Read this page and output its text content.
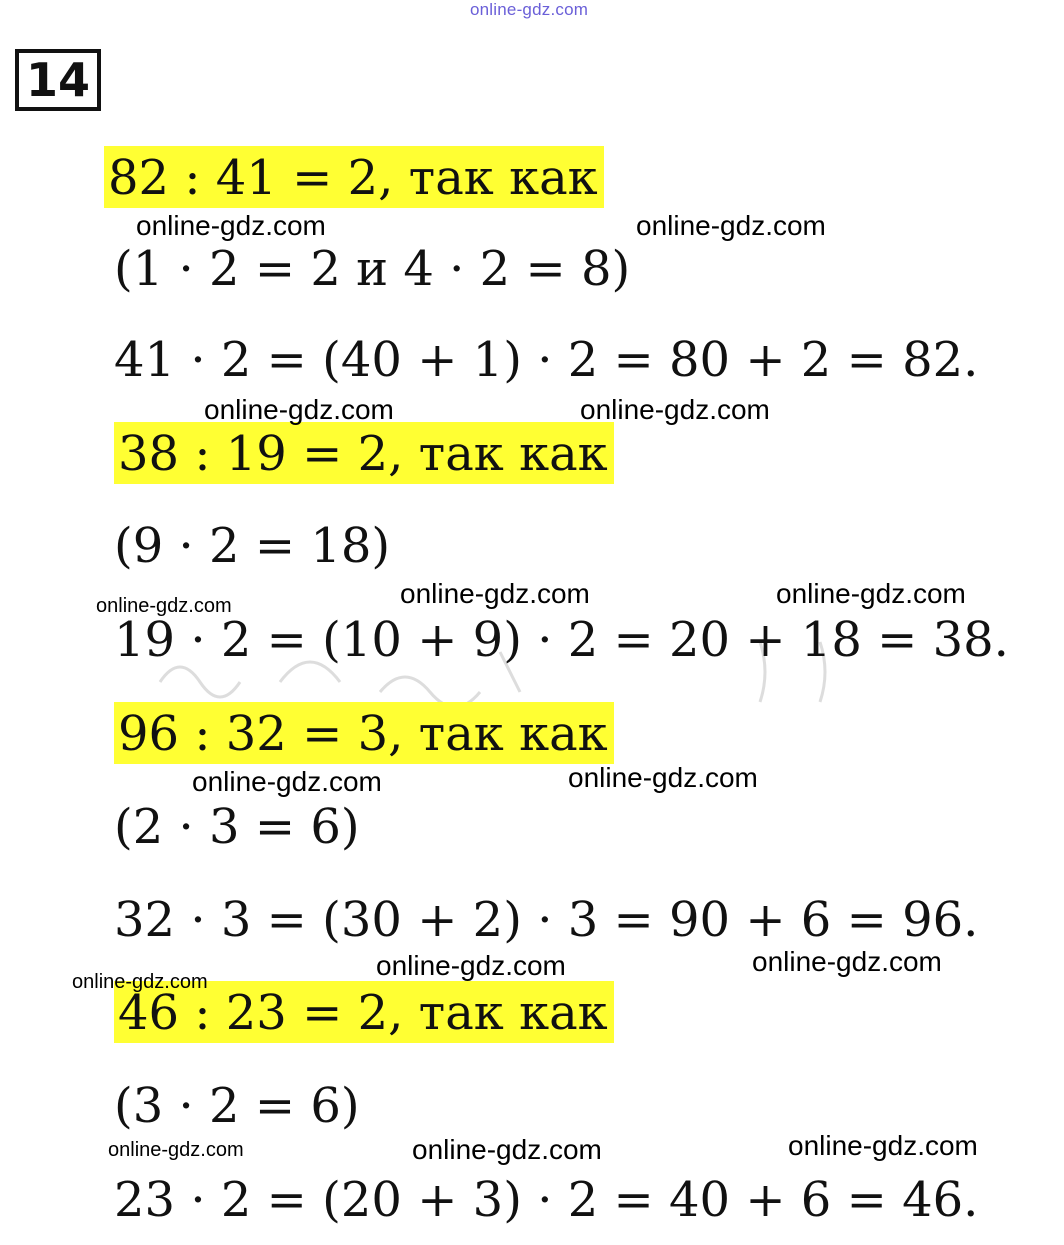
online-gdz.com
14
82 : 41 = 2, так как
(1 · 2 = 2 и 4 · 2 = 8)
41 · 2 = (40 + 1) · 2 = 80 + 2 = 82.
38 : 19 = 2, так как
(9 · 2 = 18)
19 · 2 = (10 + 9) · 2 = 20 + 18 = 38.
96 : 32 = 3, так как
(2 · 3 = 6)
32 · 3 = (30 + 2) · 3 = 90 + 6 = 96.
46 : 23 = 2, так как
(3 · 2 = 6)
23 · 2 = (20 + 3) · 2 = 40 + 6 = 46.
online-gdz.com	online-gdz.com
online-gdz.com	online-gdz.com
online-gdz.com	online-gdz.com
online-gdz.com
online-gdz.com	online-gdz.com
online-gdz.com	online-gdz.com
online-gdz.com
online-gdz.com	online-gdz.com	online-gdz.com
